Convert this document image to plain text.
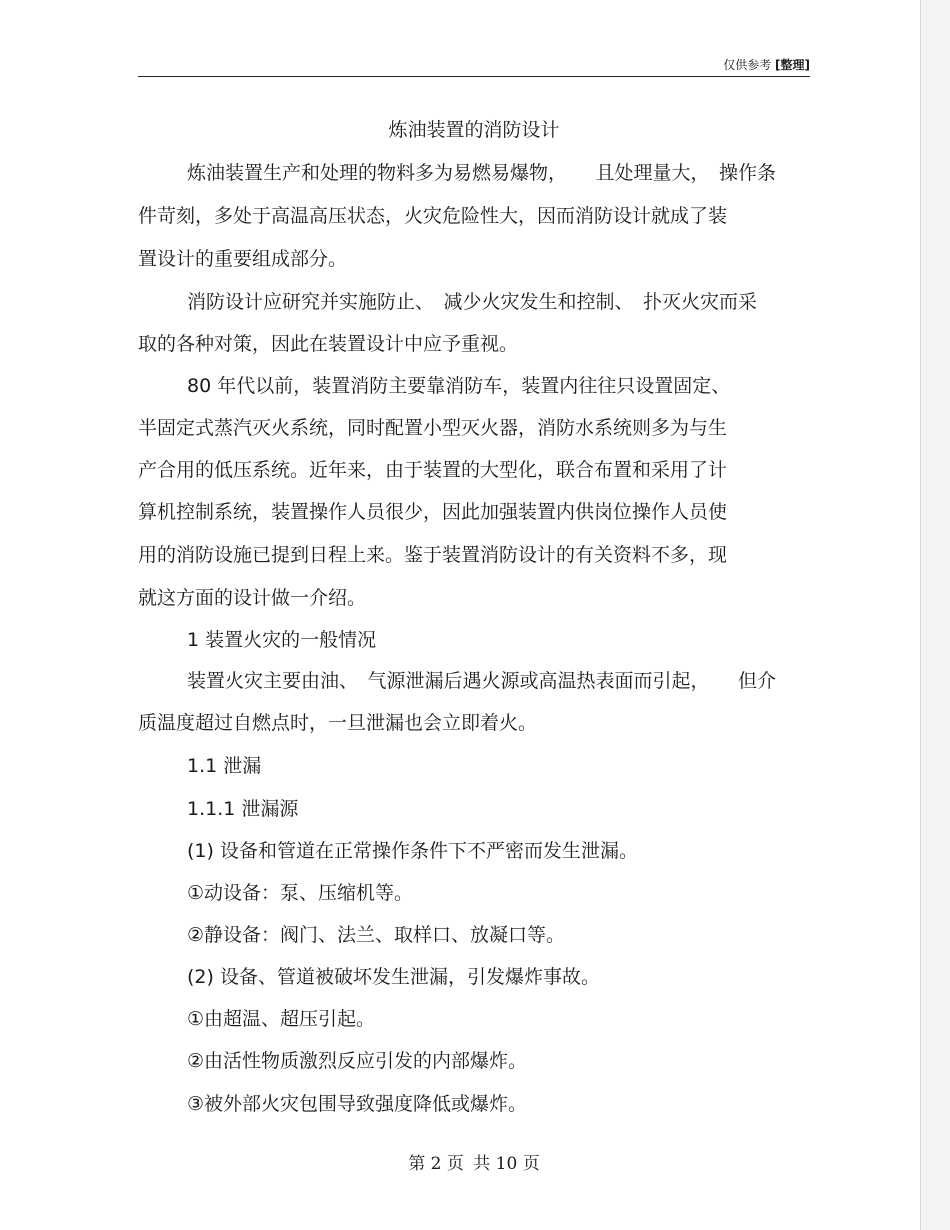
仅供参考 [整理]
炼油装置的消防设计
炼油装置生产和处理的物料多为易燃易爆物，　　且处理量大，　操作条
件苛刻，多处于高温高压状态，火灾危险性大，因而消防设计就成了装
置设计的重要组成部分。
消防设计应研究并实施防止、　减少火灾发生和控制、　扑灭火灾而采
取的各种对策，因此在装置设计中应予重视。
80 年代以前，装置消防主要靠消防车，装置内往往只设置固定、
半固定式蒸汽灭火系统，同时配置小型灭火器，消防水系统则多为与生
产合用的低压系统。近年来，由于装置的大型化，联合布置和采用了计
算机控制系统，装置操作人员很少，因此加强装置内供岗位操作人员使
用的消防设施已提到日程上来。鉴于装置消防设计的有关资料不多，现
就这方面的设计做一介绍。
1 装置火灾的一般情况
装置火灾主要由油、　气源泄漏后遇火源或高温热表面而引起，　　但介
质温度超过自燃点时，一旦泄漏也会立即着火。
1.1 泄漏
1.1.1 泄漏源
(1) 设备和管道在正常操作条件下不严密而发生泄漏。
①动设备：泵、压缩机等。
②静设备：阀门、法兰、取样口、放凝口等。
(2) 设备、管道被破坏发生泄漏，引发爆炸事故。
①由超温、超压引起。
②由活性物质激烈反应引发的内部爆炸。
③被外部火灾包围导致强度降低或爆炸。
第 2 页 共 10 页
